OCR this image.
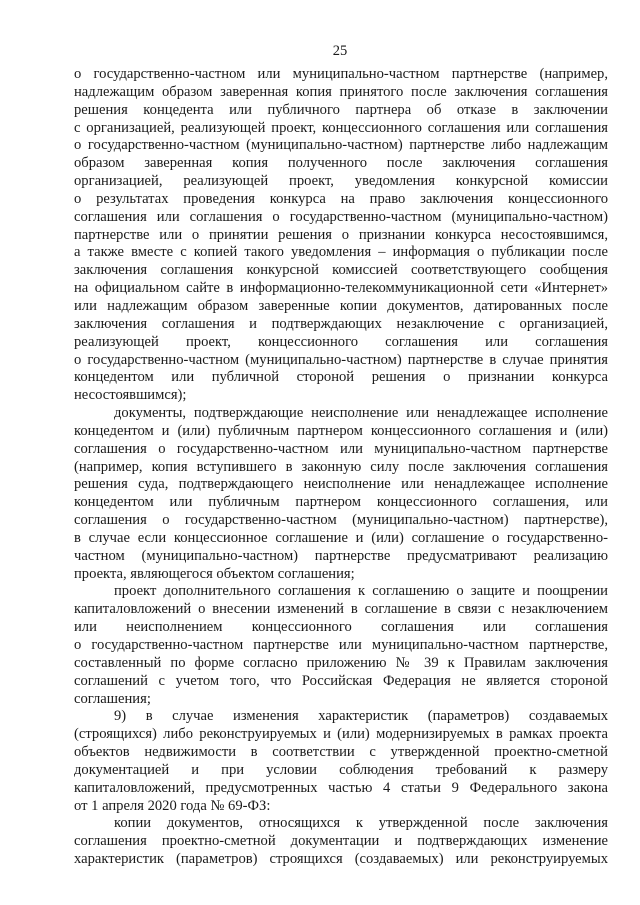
25
о государственно-частном или муниципально-частном партнерстве (например,
надлежащим образом заверенная копия принятого после заключения соглашения
решения концедента или публичного партнера об отказе в заключении
с организацией, реализующей проект, концессионного соглашения или соглашения
о государственно-частном (муниципально-частном) партнерстве либо надлежащим
образом заверенная копия полученного после заключения соглашения
организацией, реализующей проект, уведомления конкурсной комиссии
о результатах проведения конкурса на право заключения концессионного
соглашения или соглашения о государственно-частном (муниципально-частном)
партнерстве или о принятии решения о признании конкурса несостоявшимся,
а также вместе с копией такого уведомления – информация о публикации после
заключения соглашения конкурсной комиссией соответствующего сообщения
на официальном сайте в информационно-телекоммуникационной сети «Интернет»
или надлежащим образом заверенные копии документов, датированных после
заключения соглашения и подтверждающих незаключение с организацией,
реализующей проект, концессионного соглашения или соглашения
о государственно-частном (муниципально-частном) партнерстве в случае принятия
концедентом или публичной стороной решения о признании конкурса
несостоявшимся);
документы, подтверждающие неисполнение или ненадлежащее исполнение
концедентом и (или) публичным партнером концессионного соглашения и (или)
соглашения о государственно-частном или муниципально-частном партнерстве
(например, копия вступившего в законную силу после заключения соглашения
решения суда, подтверждающего неисполнение или ненадлежащее исполнение
концедентом или публичным партнером концессионного соглашения, или
соглашения о государственно-частном (муниципально-частном) партнерстве),
в случае если концессионное соглашение и (или) соглашение о государственно-
частном (муниципально-частном) партнерстве предусматривают реализацию
проекта, являющегося объектом соглашения;
проект дополнительного соглашения к соглашению о защите и поощрении
капиталовложений о внесении изменений в соглашение в связи с незаключением
или неисполнением концессионного соглашения или соглашения
о государственно-частном партнерстве или муниципально-частном партнерстве,
составленный по форме согласно приложению № 39 к Правилам заключения
соглашений с учетом того, что Российская Федерация не является стороной
соглашения;
9) в случае изменения характеристик (параметров) создаваемых
(строящихся) либо реконструируемых и (или) модернизируемых в рамках проекта
объектов недвижимости в соответствии с утвержденной проектно-сметной
документацией и при условии соблюдения требований к размеру
капиталовложений, предусмотренных частью 4 статьи 9 Федерального закона
от 1 апреля 2020 года № 69-ФЗ:
копии документов, относящихся к утвержденной после заключения
соглашения проектно-сметной документации и подтверждающих изменение
характеристик (параметров) строящихся (создаваемых) или реконструируемых
